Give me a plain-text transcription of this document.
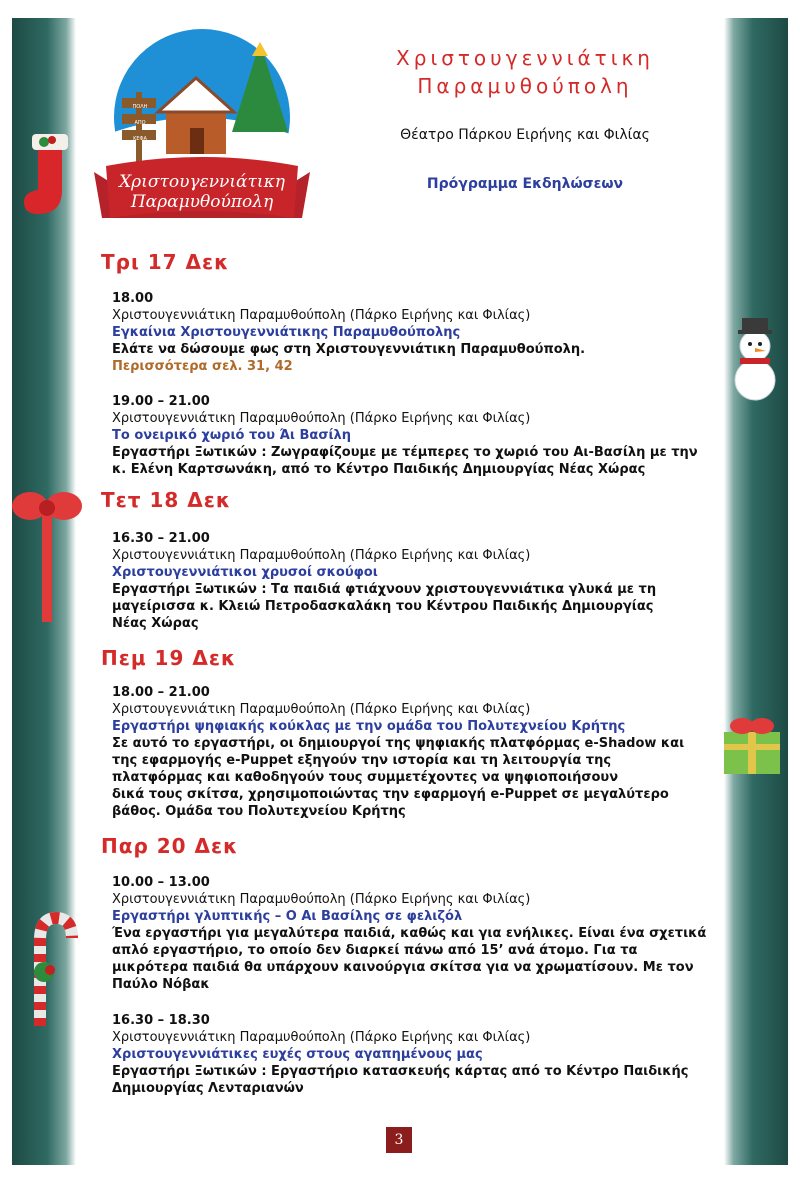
ΠΟΛΗ
ΑΠΟ
ΚΕΦΑ
Χριστουγεννιάτικη
Παραμυθούπολη
Χριστουγεννιάτικη
Παραμυθούπολη
Θέατρο Πάρκου Ειρήνης και Φιλίας
Πρόγραμμα Εκδηλώσεων
Τρι 17 Δεκ
18.00
Χριστουγεννιάτικη Παραμυθούπολη (Πάρκο Ειρήνης και Φιλίας)
Εγκαίνια Χριστουγεννιάτικης Παραμυθούπολης
Ελάτε να δώσουμε φως στη Χριστουγεννιάτικη Παραμυθούπολη.
Περισσότερα σελ. 31, 42
19.00 – 21.00
Χριστουγεννιάτικη Παραμυθούπολη (Πάρκο Ειρήνης και Φιλίας)
Το ονειρικό χωριό του Άι Βασίλη
Εργαστήρι Ξωτικών : Ζωγραφίζουμε με τέμπερες το χωριό του Αι-Βασίλη με την
κ. Ελένη Καρτσωνάκη, από το Κέντρο Παιδικής Δημιουργίας Νέας Χώρας
Τετ 18 Δεκ
16.30 – 21.00
Χριστουγεννιάτικη Παραμυθούπολη (Πάρκο Ειρήνης και Φιλίας)
Χριστουγεννιάτικοι χρυσοί σκούφοι
Εργαστήρι Ξωτικών : Τα παιδιά φτιάχνουν χριστουγεννιάτικα γλυκά με τη
μαγείρισσα κ. Κλειώ Πετροδασκαλάκη του Κέντρου Παιδικής Δημιουργίας
Νέας Χώρας
Πεμ 19 Δεκ
18.00 – 21.00
Χριστουγεννιάτικη Παραμυθούπολη (Πάρκο Ειρήνης και Φιλίας)
Εργαστήρι ψηφιακής κούκλας με την ομάδα του Πολυτεχνείου Κρήτης
Σε αυτό το εργαστήρι, οι δημιουργοί της ψηφιακής πλατφόρμας e-Shadow και
της εφαρμογής e-Puppet εξηγούν την ιστορία και τη λειτουργία της
πλατφόρμας και καθοδηγούν τους συμμετέχοντες να ψηφιοποιήσουν
δικά τους σκίτσα, χρησιμοποιώντας την εφαρμογή e-Puppet σε μεγαλύτερο
βάθος. Ομάδα του Πολυτεχνείου Κρήτης
Παρ 20 Δεκ
10.00 – 13.00
Χριστουγεννιάτικη Παραμυθούπολη (Πάρκο Ειρήνης και Φιλίας)
Εργαστήρι γλυπτικής – Ο Αι Βασίλης σε φελιζόλ
Ένα εργαστήρι για μεγαλύτερα παιδιά, καθώς και για ενήλικες. Είναι ένα σχετικά
απλό εργαστήριο, το οποίο δεν διαρκεί πάνω από 15’ ανά άτομο. Για τα
μικρότερα παιδιά θα υπάρχουν καινούργια σκίτσα για να χρωματίσουν. Με τον
Παύλο Νόβακ
16.30 – 18.30
Χριστουγεννιάτικη Παραμυθούπολη (Πάρκο Ειρήνης και Φιλίας)
Χριστουγεννιάτικες ευχές στους αγαπημένους μας
Εργαστήρι Ξωτικών : Εργαστήριο κατασκευής κάρτας από το Κέντρο Παιδικής
Δημιουργίας Λενταριανών
3
